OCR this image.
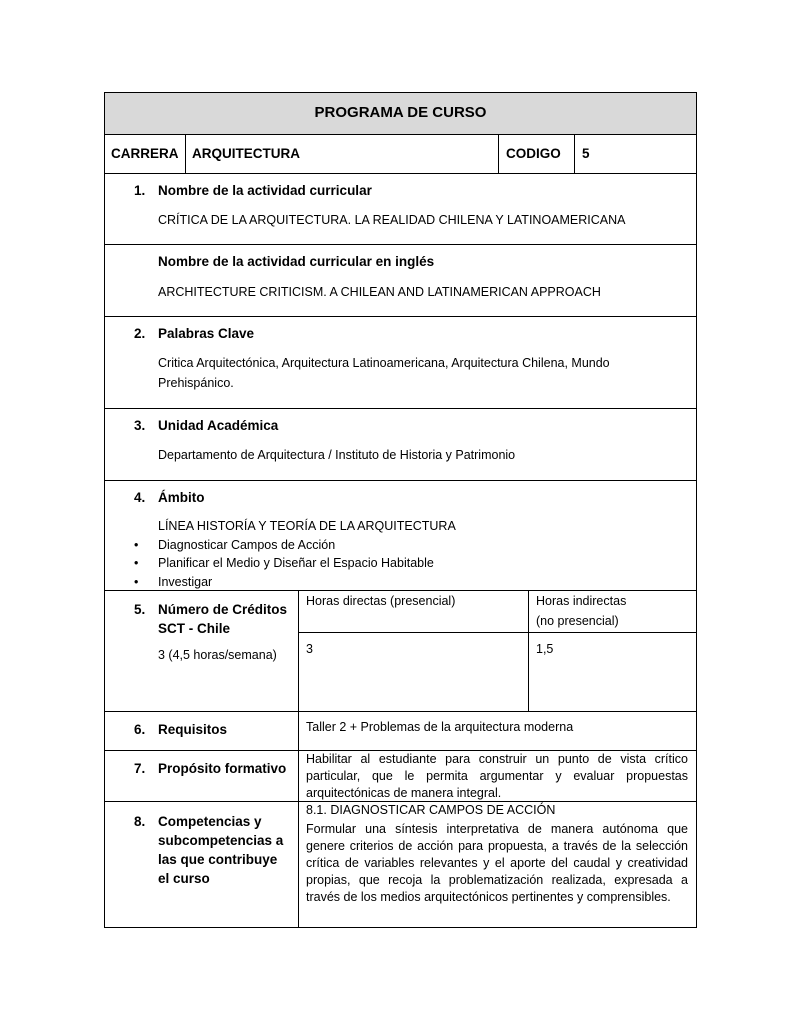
PROGRAMA DE CURSO
CARRERA ARQUITECTURA	CODIGO 5
1. Nombre de la actividad curricular
CRÍTICA DE LA ARQUITECTURA. LA REALIDAD CHILENA Y LATINOAMERICANA
Nombre de la actividad curricular en inglés
ARCHITECTURE CRITICISM. A CHILEAN AND LATINAMERICAN APPROACH
2. Palabras Clave
Critica Arquitectónica, Arquitectura Latinoamericana, Arquitectura Chilena, Mundo
Prehispánico.
3. Unidad Académica
Departamento de Arquitectura / Instituto de Historia y Patrimonio
4. Ámbito
LÍNEA HISTORÍA Y TEORÍA DE LA ARQUITECTURA
• Diagnosticar Campos de Acción
• Planificar el Medio y Diseñar el Espacio Habitable
• Investigar
5. Número de Créditos
SCT - Chile
3 (4,5 horas/semana)
Horas directas (presencial)	Horas indirectas
(no presencial)
3	1,5
6. Requisitos	Taller 2 + Problemas de la arquitectura moderna
7. Propósito formativo
Habilitar al estudiante para construir un punto de vista crítico particular, que le permita argumentar y evaluar propuestas arquitectónicas de manera integral.
8. Competencias y
subcompetencias a
las que contribuye
el curso
8.1. DIAGNOSTICAR CAMPOS DE ACCIÓN
Formular una síntesis interpretativa de manera autónoma que genere criterios de acción para propuesta, a través de la selección crítica de variables relevantes y el aporte del caudal y creatividad propias, que recoja la problematización realizada, expresada a través de los medios arquitectónicos pertinentes y comprensibles.
